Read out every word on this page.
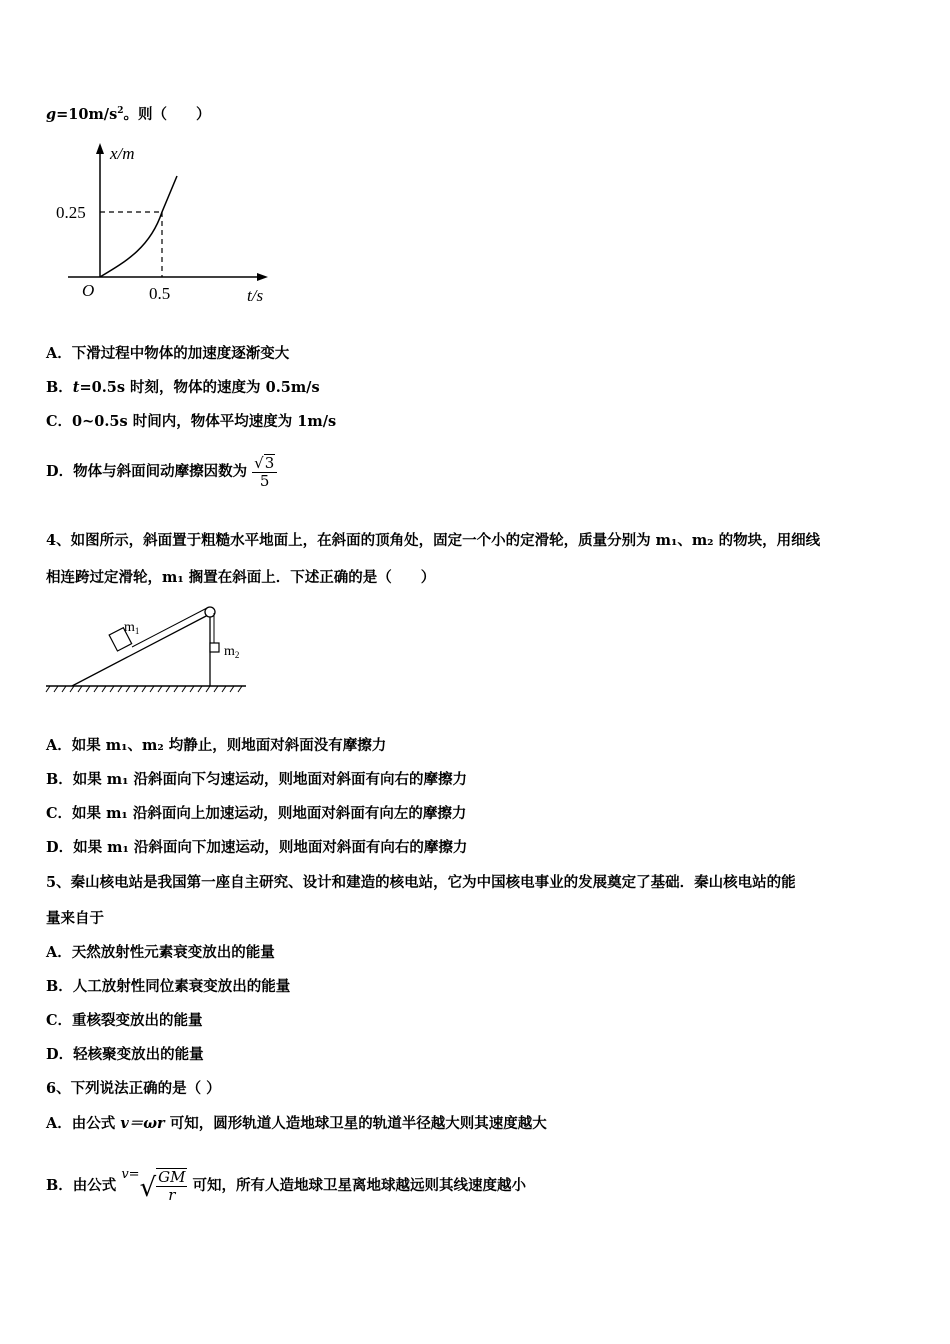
$g=10m/s^2$。则（　　）
x/m
0.25
O	0.5	t/s
A．下滑过程中物体的加速度逐渐变大
B．t=0.5s 时刻，物体的速度为 0.5m/s
C．0~0.5s 时间内，物体平均速度为 1m/s
D．物体与斜面间动摩擦因数为 $\frac{√3}{5}$
4、如图所示，斜面置于粗糙水平地面上，在斜面的顶角处，固定一个小的定滑轮，质量分别为 m₁、m₂ 的物块，用细线
相连跨过定滑轮，m₁ 搁置在斜面上．下述正确的是（　　）
$m_1$
$m_2$
A．如果 m₁、m₂ 均静止，则地面对斜面没有摩擦力
B．如果 m₁ 沿斜面向下匀速运动，则地面对斜面有向右的摩擦力
C．如果 m₁ 沿斜面向上加速运动，则地面对斜面有向左的摩擦力
D．如果 m₁ 沿斜面向下加速运动，则地面对斜面有向右的摩擦力
5、秦山核电站是我国第一座自主研究、设计和建造的核电站，它为中国核电事业的发展奠定了基础．秦山核电站的能
量来自于
A．天然放射性元素衰变放出的能量
B．人工放射性同位素衰变放出的能量
C．重核裂变放出的能量
D．轻核聚变放出的能量
6、下列说法正确的是（ ）
A．由公式 v＝ωr 可知，圆形轨道人造地球卫星的轨道半径越大则其速度越大
B．由公式 $v=√ \frac{GM}{r}$ 可知，所有人造地球卫星离地球越远则其线速度越小
